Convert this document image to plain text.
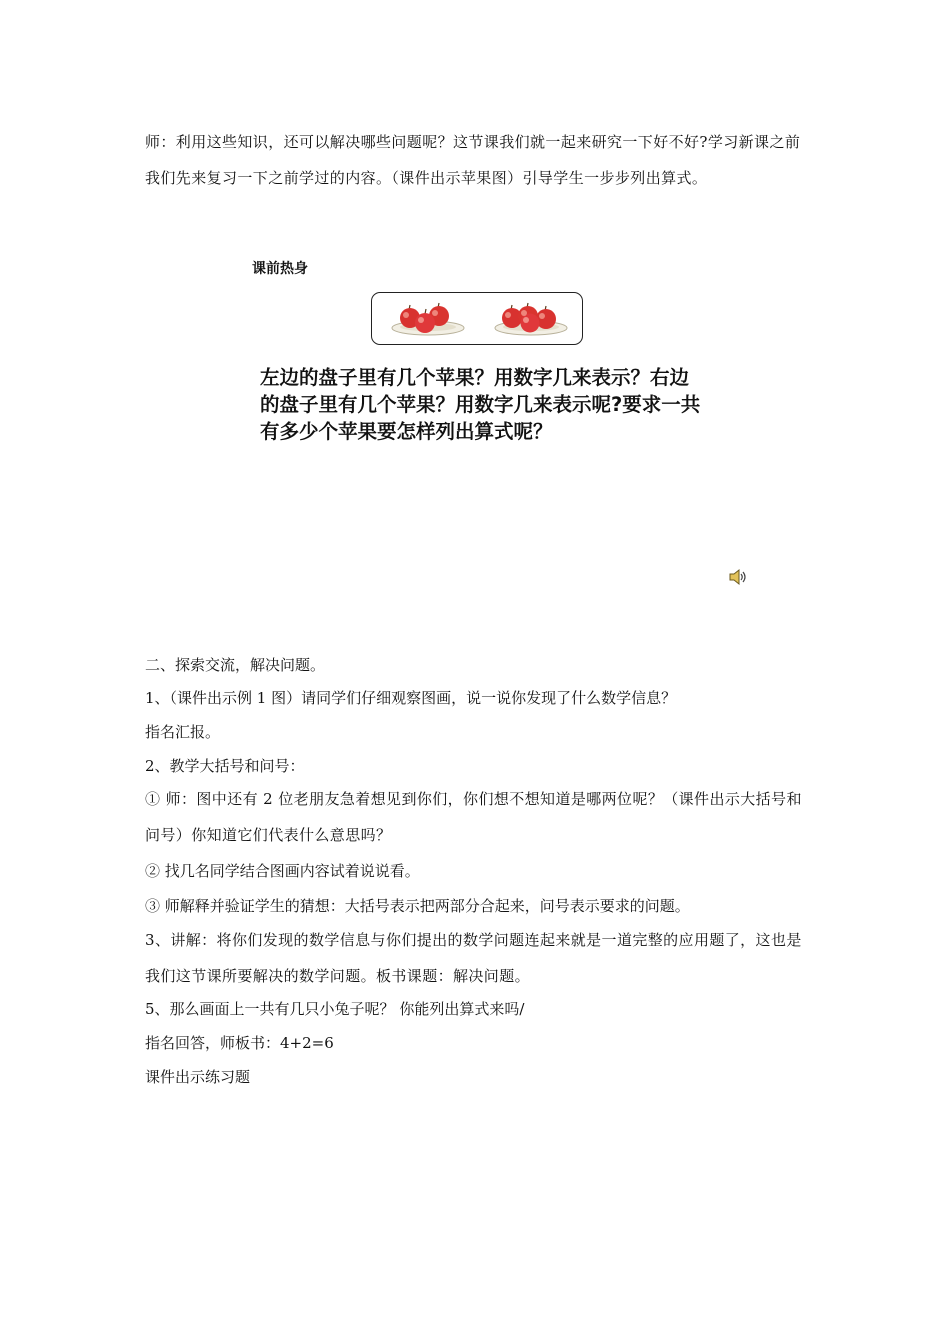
师：利用这些知识，还可以解决哪些问题呢？这节课我们就一起来研究一下好不好?学习新课之前我们先来复习一下之前学过的内容。（课件出示苹果图）引导学生一步步列出算式。
课前热身
左边的盘子里有几个苹果？用数字几来表示？右边的盘子里有几个苹果？用数字几来表示呢?要求一共有多少个苹果要怎样列出算式呢？
二、探索交流，解决问题。
1、（课件出示例 1 图）请同学们仔细观察图画，说一说你发现了什么数学信息？
指名汇报。
2、教学大括号和问号：
① 师：图中还有 2 位老朋友急着想见到你们，你们想不想知道是哪两位呢？（课件出示大括号和问号）你知道它们代表什么意思吗？
② 找几名同学结合图画内容试着说说看。
③ 师解释并验证学生的猜想：大括号表示把两部分合起来，问号表示要求的问题。
3、讲解：将你们发现的数学信息与你们提出的数学问题连起来就是一道完整的应用题了，这也是我们这节课所要解决的数学问题。板书课题：解决问题。
5、那么画面上一共有几只小兔子呢？ 你能列出算式来吗/
指名回答，师板书：4+2=6
课件出示练习题
